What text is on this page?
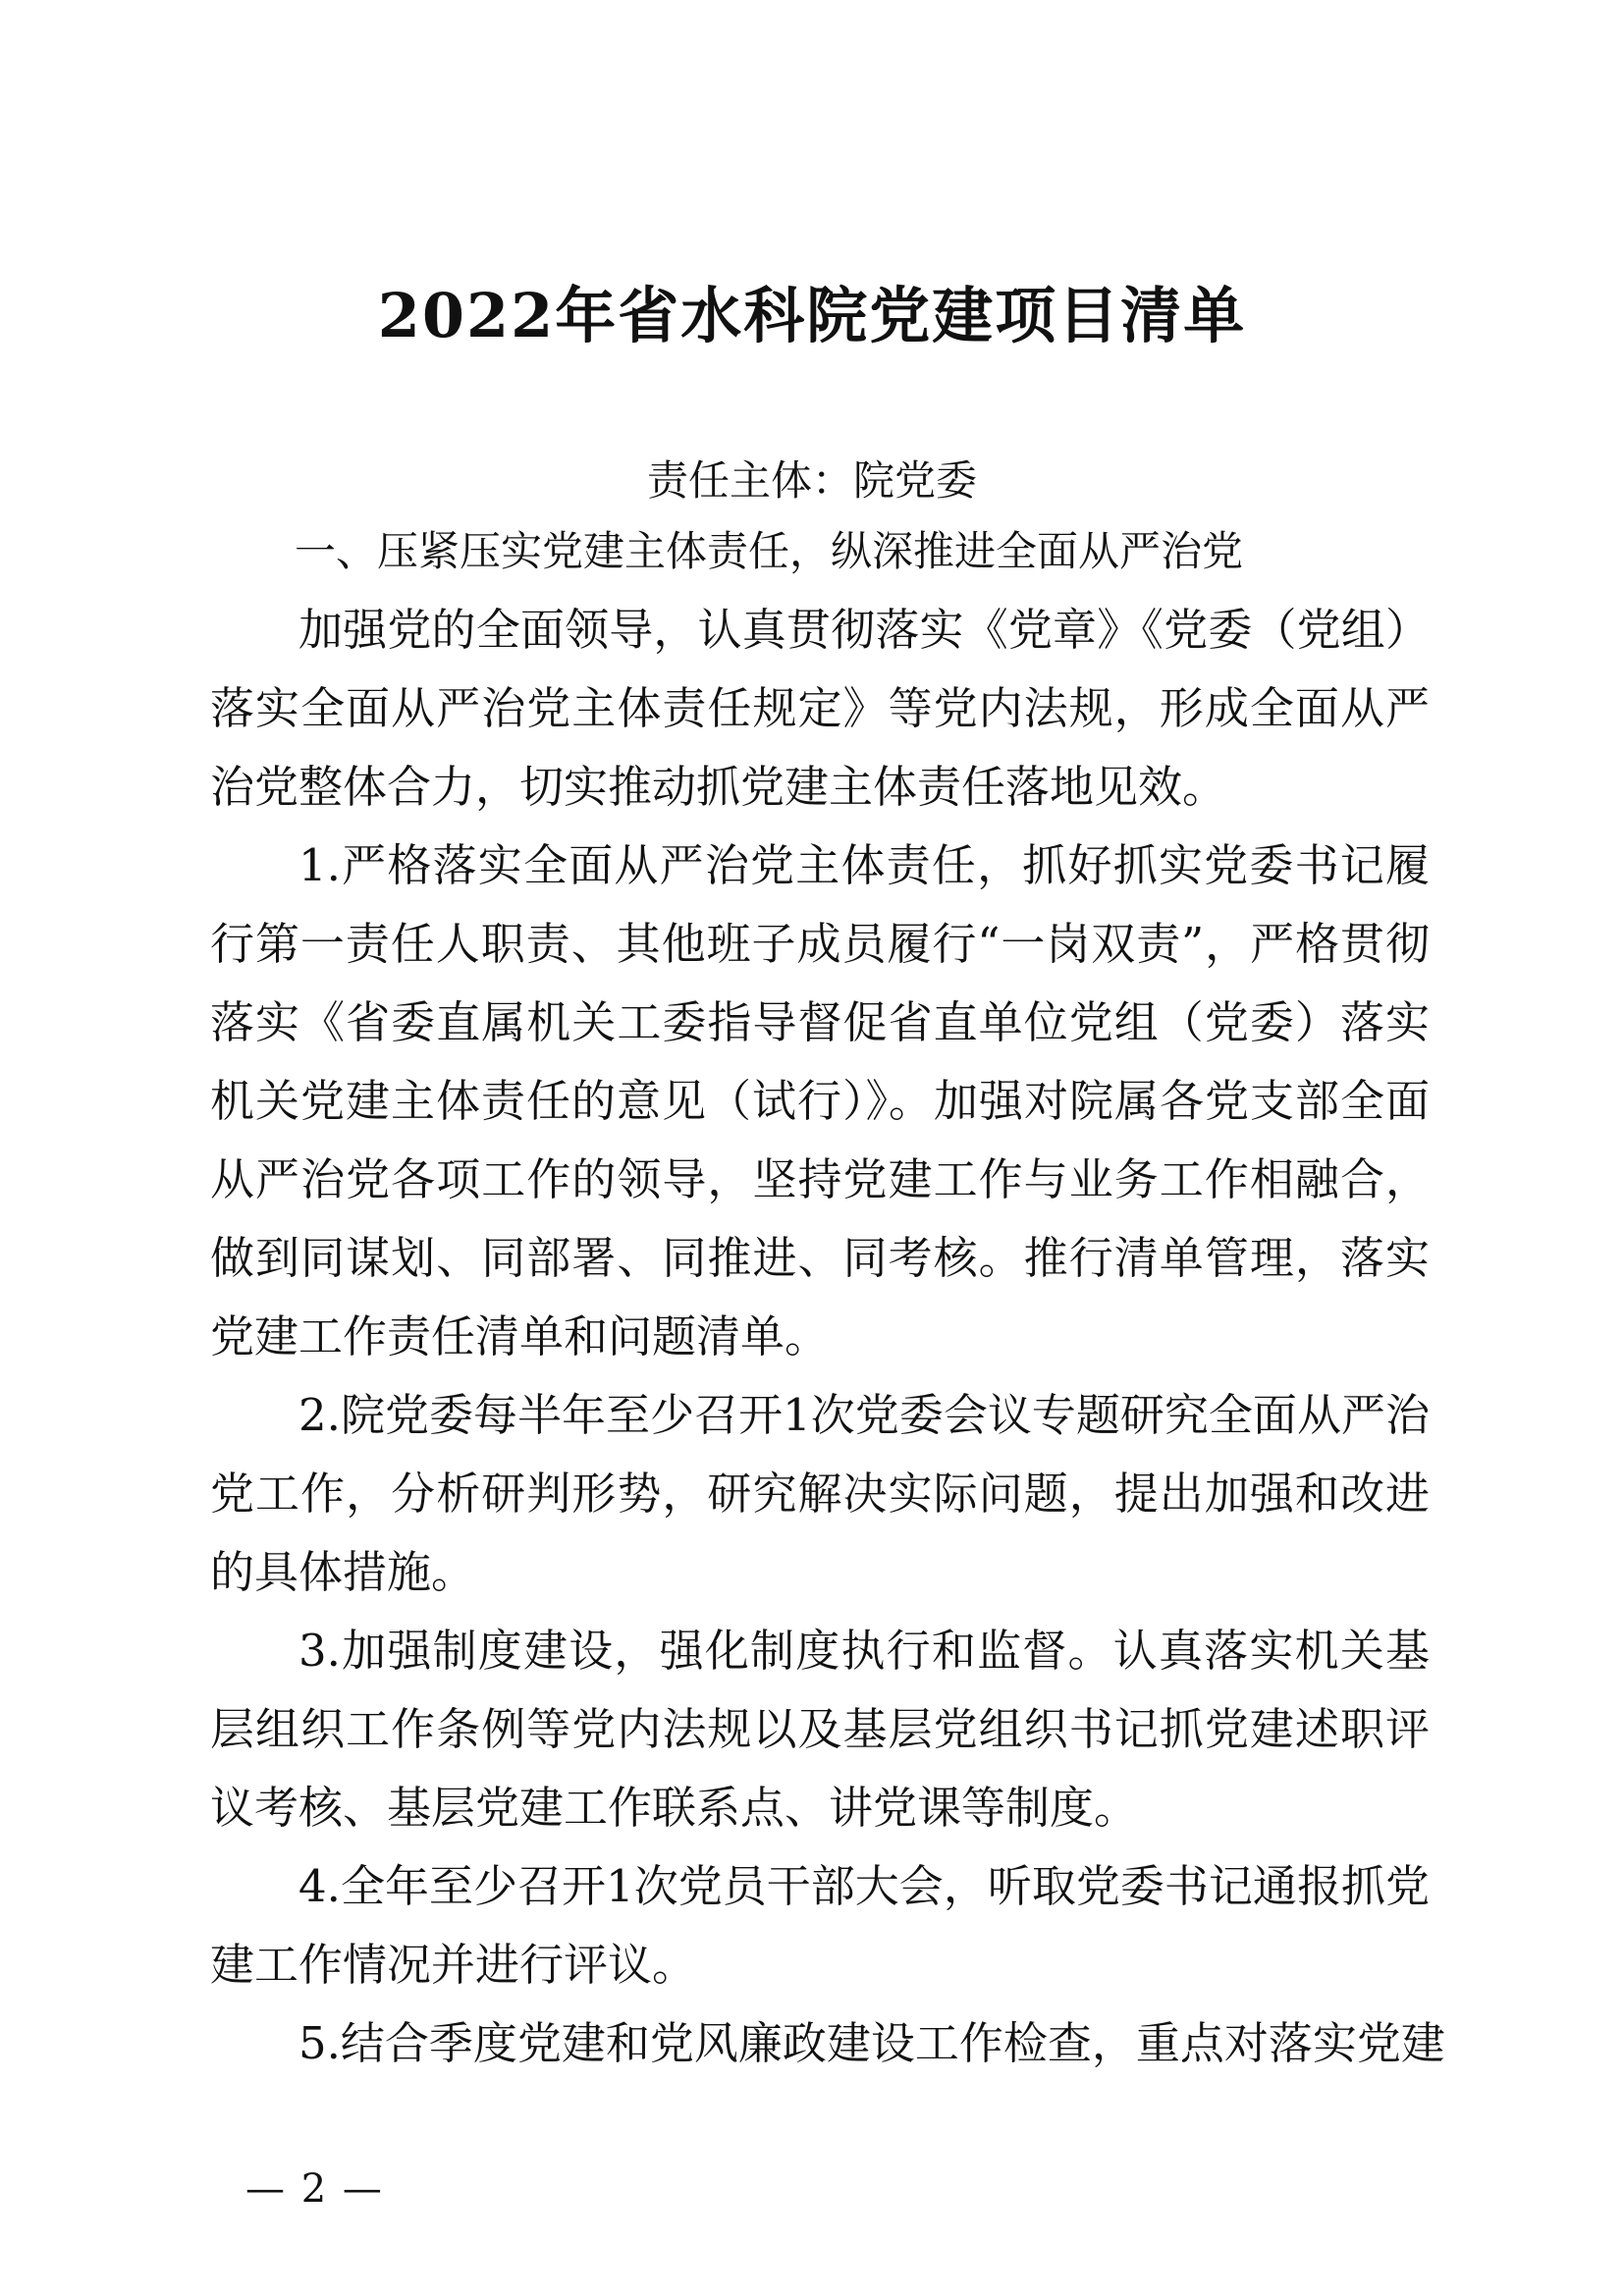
2022年省水科院党建项目清单
责任主体：院党委
一、压紧压实党建主体责任，纵深推进全面从严治党
加强党的全面领导，认真贯彻落实《党章》《党委（党组）落实全面从严治党主体责任规定》等党内法规，形成全面从严治党整体合力，切实推动抓党建主体责任落地见效。
1.严格落实全面从严治党主体责任，抓好抓实党委书记履行第一责任人职责、其他班子成员履行“一岗双责”，严格贯彻落实《省委直属机关工委指导督促省直单位党组（党委）落实机关党建主体责任的意见（试行）》。加强对院属各党支部全面从严治党各项工作的领导，坚持党建工作与业务工作相融合，做到同谋划、同部署、同推进、同考核。推行清单管理，落实党建工作责任清单和问题清单。
2.院党委每半年至少召开1次党委会议专题研究全面从严治党工作，分析研判形势，研究解决实际问题，提出加强和改进的具体措施。
3.加强制度建设，强化制度执行和监督。认真落实机关基层组织工作条例等党内法规以及基层党组织书记抓党建述职评议考核、基层党建工作联系点、讲党课等制度。
4.全年至少召开1次党员干部大会，听取党委书记通报抓党建工作情况并进行评议。
5.结合季度党建和党风廉政建设工作检查，重点对落实党建
— 2 —
